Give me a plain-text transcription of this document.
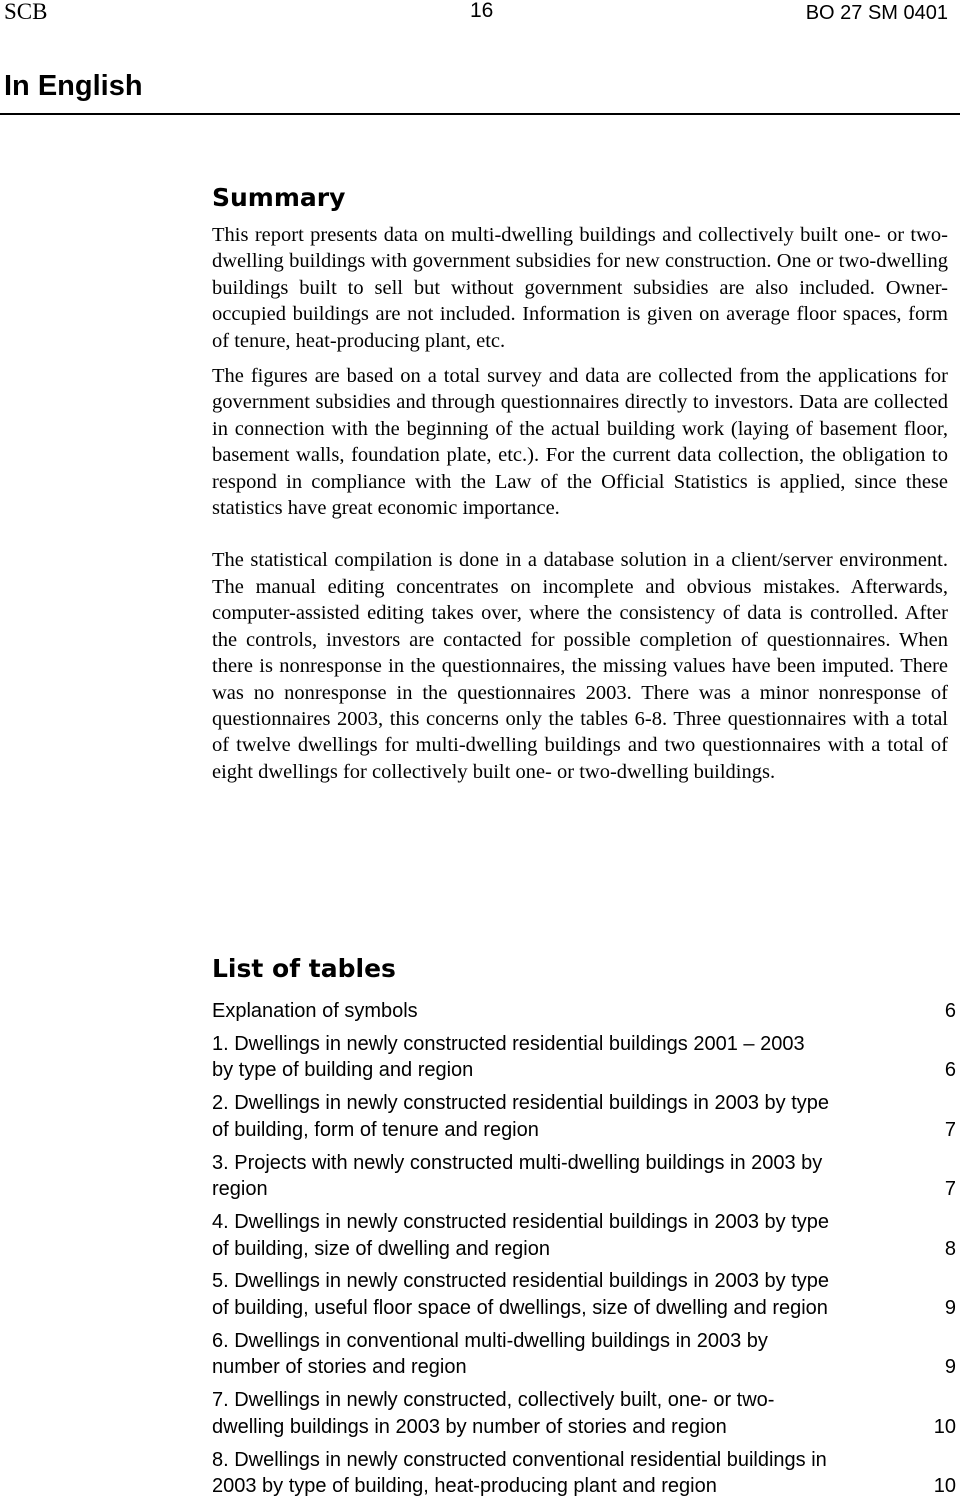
SCB	16	BO 27 SM 0401
In English
Summary

This report presents data on multi-dwelling buildings and collectively built one- or two-dwelling buildings with government subsidies for new construction. One or two-dwelling buildings built to sell but without government subsidies are also included. Owner-occupied buildings are not included. Information is given on average floor spaces, form of tenure, heat-producing plant, etc.

The figures are based on a total survey and data are collected from the applications for government subsidies and through questionnaires directly to investors. Data are collected in connection with the beginning of the actual building work (laying of basement floor, basement walls, foundation plate, etc.). For the current data collection, the obligation to respond in compliance with the Law of the Official Statistics is applied, since these statistics have great economic importance.

The statistical compilation is done in a database solution in a client/server environment. The manual editing concentrates on incomplete and obvious mistakes. Afterwards, computer-assisted editing takes over, where the consistency of data is controlled. After the controls, investors are contacted for possible completion of questionnaires. When there is nonresponse in the questionnaires, the missing values have been imputed. There was no nonresponse in the questionnaires 2003. There was a minor nonresponse of questionnaires 2003, this concerns only the tables 6-8. Three questionnaires with a total of twelve dwellings for multi-dwelling buildings and two questionnaires with a total of eight dwellings for collectively built one- or two-dwelling buildings.

List of tables
Explanation of symbols	6
1. Dwellings in newly constructed residential buildings 2001 – 2003
by type of building and region	6
2. Dwellings in newly constructed residential buildings in 2003 by type
of building, form of tenure and region	7
3. Projects with newly constructed multi-dwelling buildings in 2003 by
region	7
4. Dwellings in newly constructed residential buildings in 2003 by type
of building, size of dwelling and region	8
5. Dwellings in newly constructed residential buildings in 2003 by type
of building, useful floor space of dwellings, size of dwelling and region	9
6. Dwellings in conventional multi-dwelling buildings in 2003 by
number of stories and region	9
7. Dwellings in newly constructed, collectively built, one- or two-
dwelling buildings in 2003 by number of stories and region	10
8. Dwellings in newly constructed conventional residential buildings in
2003 by type of building, heat-producing plant and region	10
